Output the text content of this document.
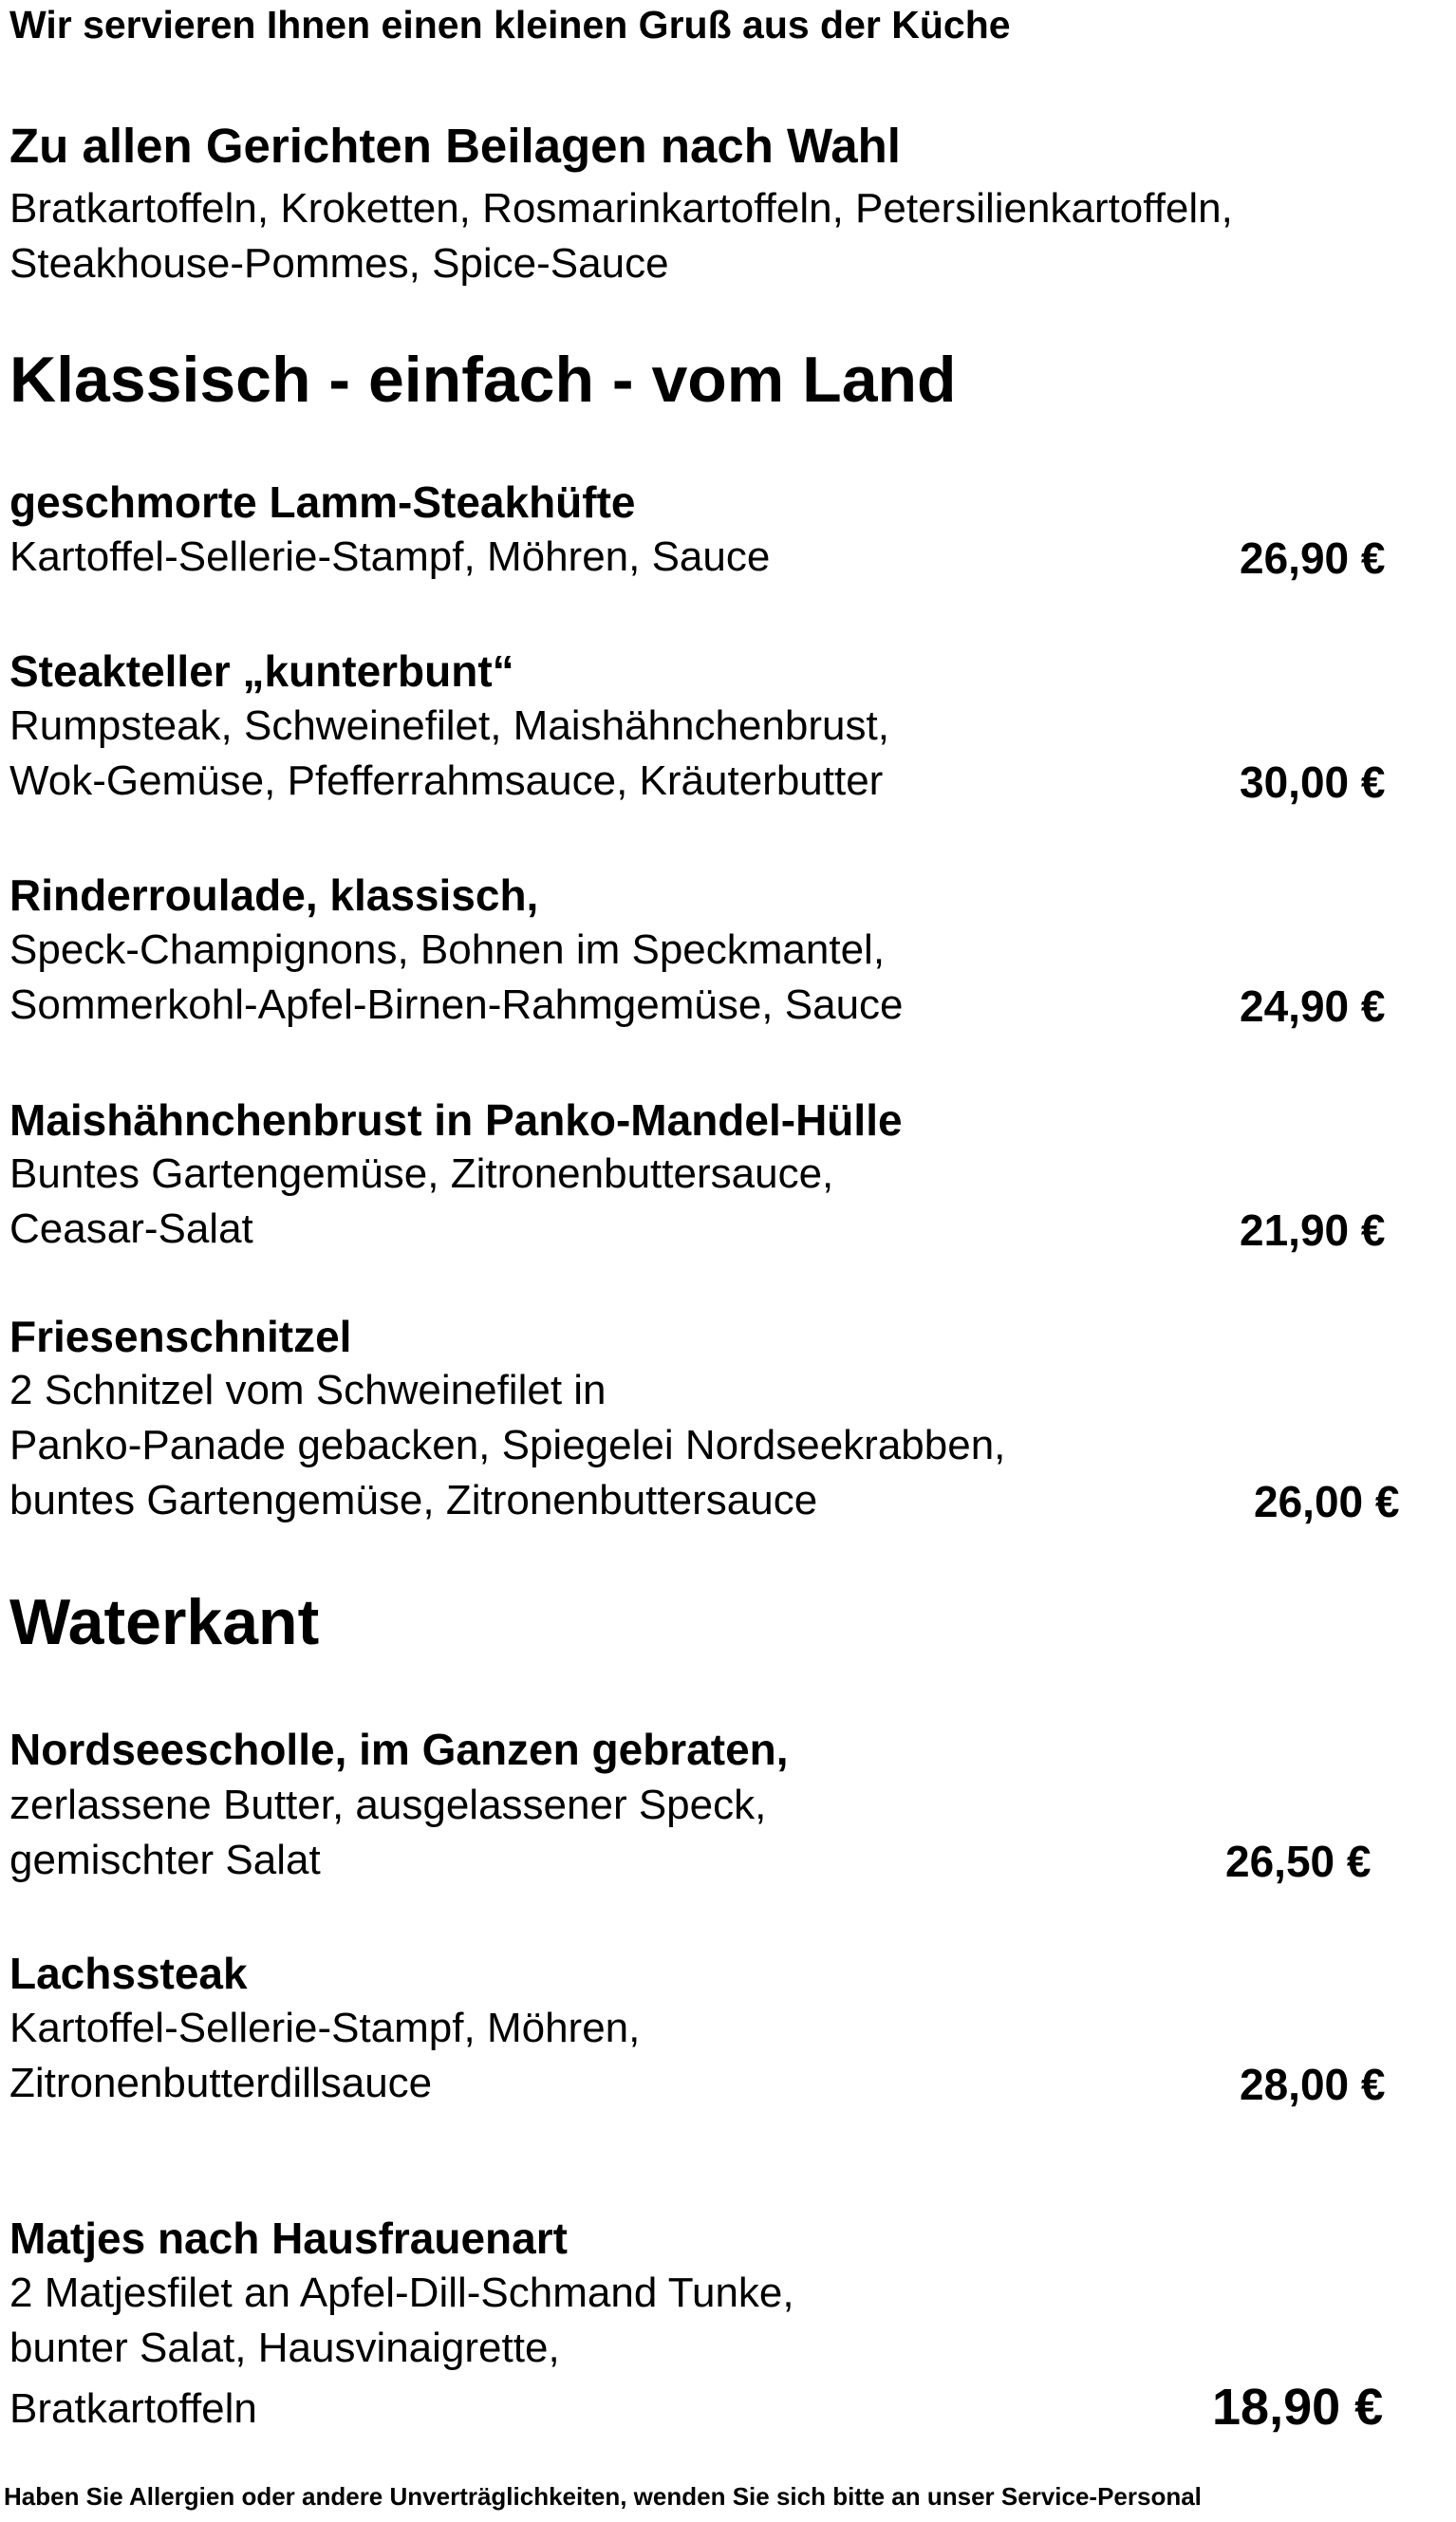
Wir servieren Ihnen einen kleinen Gruß aus der Küche
Zu allen Gerichten Beilagen nach Wahl
Bratkartoffeln, Kroketten, Rosmarinkartoffeln, Petersilienkartoffeln,
Steakhouse-Pommes, Spice-Sauce
Klassisch - einfach - vom Land
geschmorte Lamm-Steakhüfte
Kartoffel-Sellerie-Stampf, Möhren, Sauce	26,90 €
Steakteller „kunterbunt“
Rumpsteak, Schweinefilet, Maishähnchenbrust,
Wok-Gemüse, Pfefferrahmsauce, Kräuterbutter	30,00 €
Rinderroulade, klassisch,
Speck-Champignons, Bohnen im Speckmantel,
Sommerkohl-Apfel-Birnen-Rahmgemüse, Sauce	24,90 €
Maishähnchenbrust in Panko-Mandel-Hülle
Buntes Gartengemüse, Zitronenbuttersauce,
Ceasar-Salat	21,90 €
Friesenschnitzel
2 Schnitzel vom Schweinefilet in
Panko-Panade gebacken, Spiegelei Nordseekrabben,
buntes Gartengemüse, Zitronenbuttersauce	26,00 €
Waterkant
Nordseescholle, im Ganzen gebraten,
zerlassene Butter, ausgelassener Speck,
gemischter Salat	26,50 €
Lachssteak
Kartoffel-Sellerie-Stampf, Möhren,
Zitronenbutterdillsauce	28,00 €
Matjes nach Hausfrauenart
2 Matjesfilet an Apfel-Dill-Schmand Tunke,
bunter Salat, Hausvinaigrette,
Bratkartoffeln	18,90 €
Haben Sie Allergien oder andere Unverträglichkeiten, wenden Sie sich bitte an unser Service-Personal
